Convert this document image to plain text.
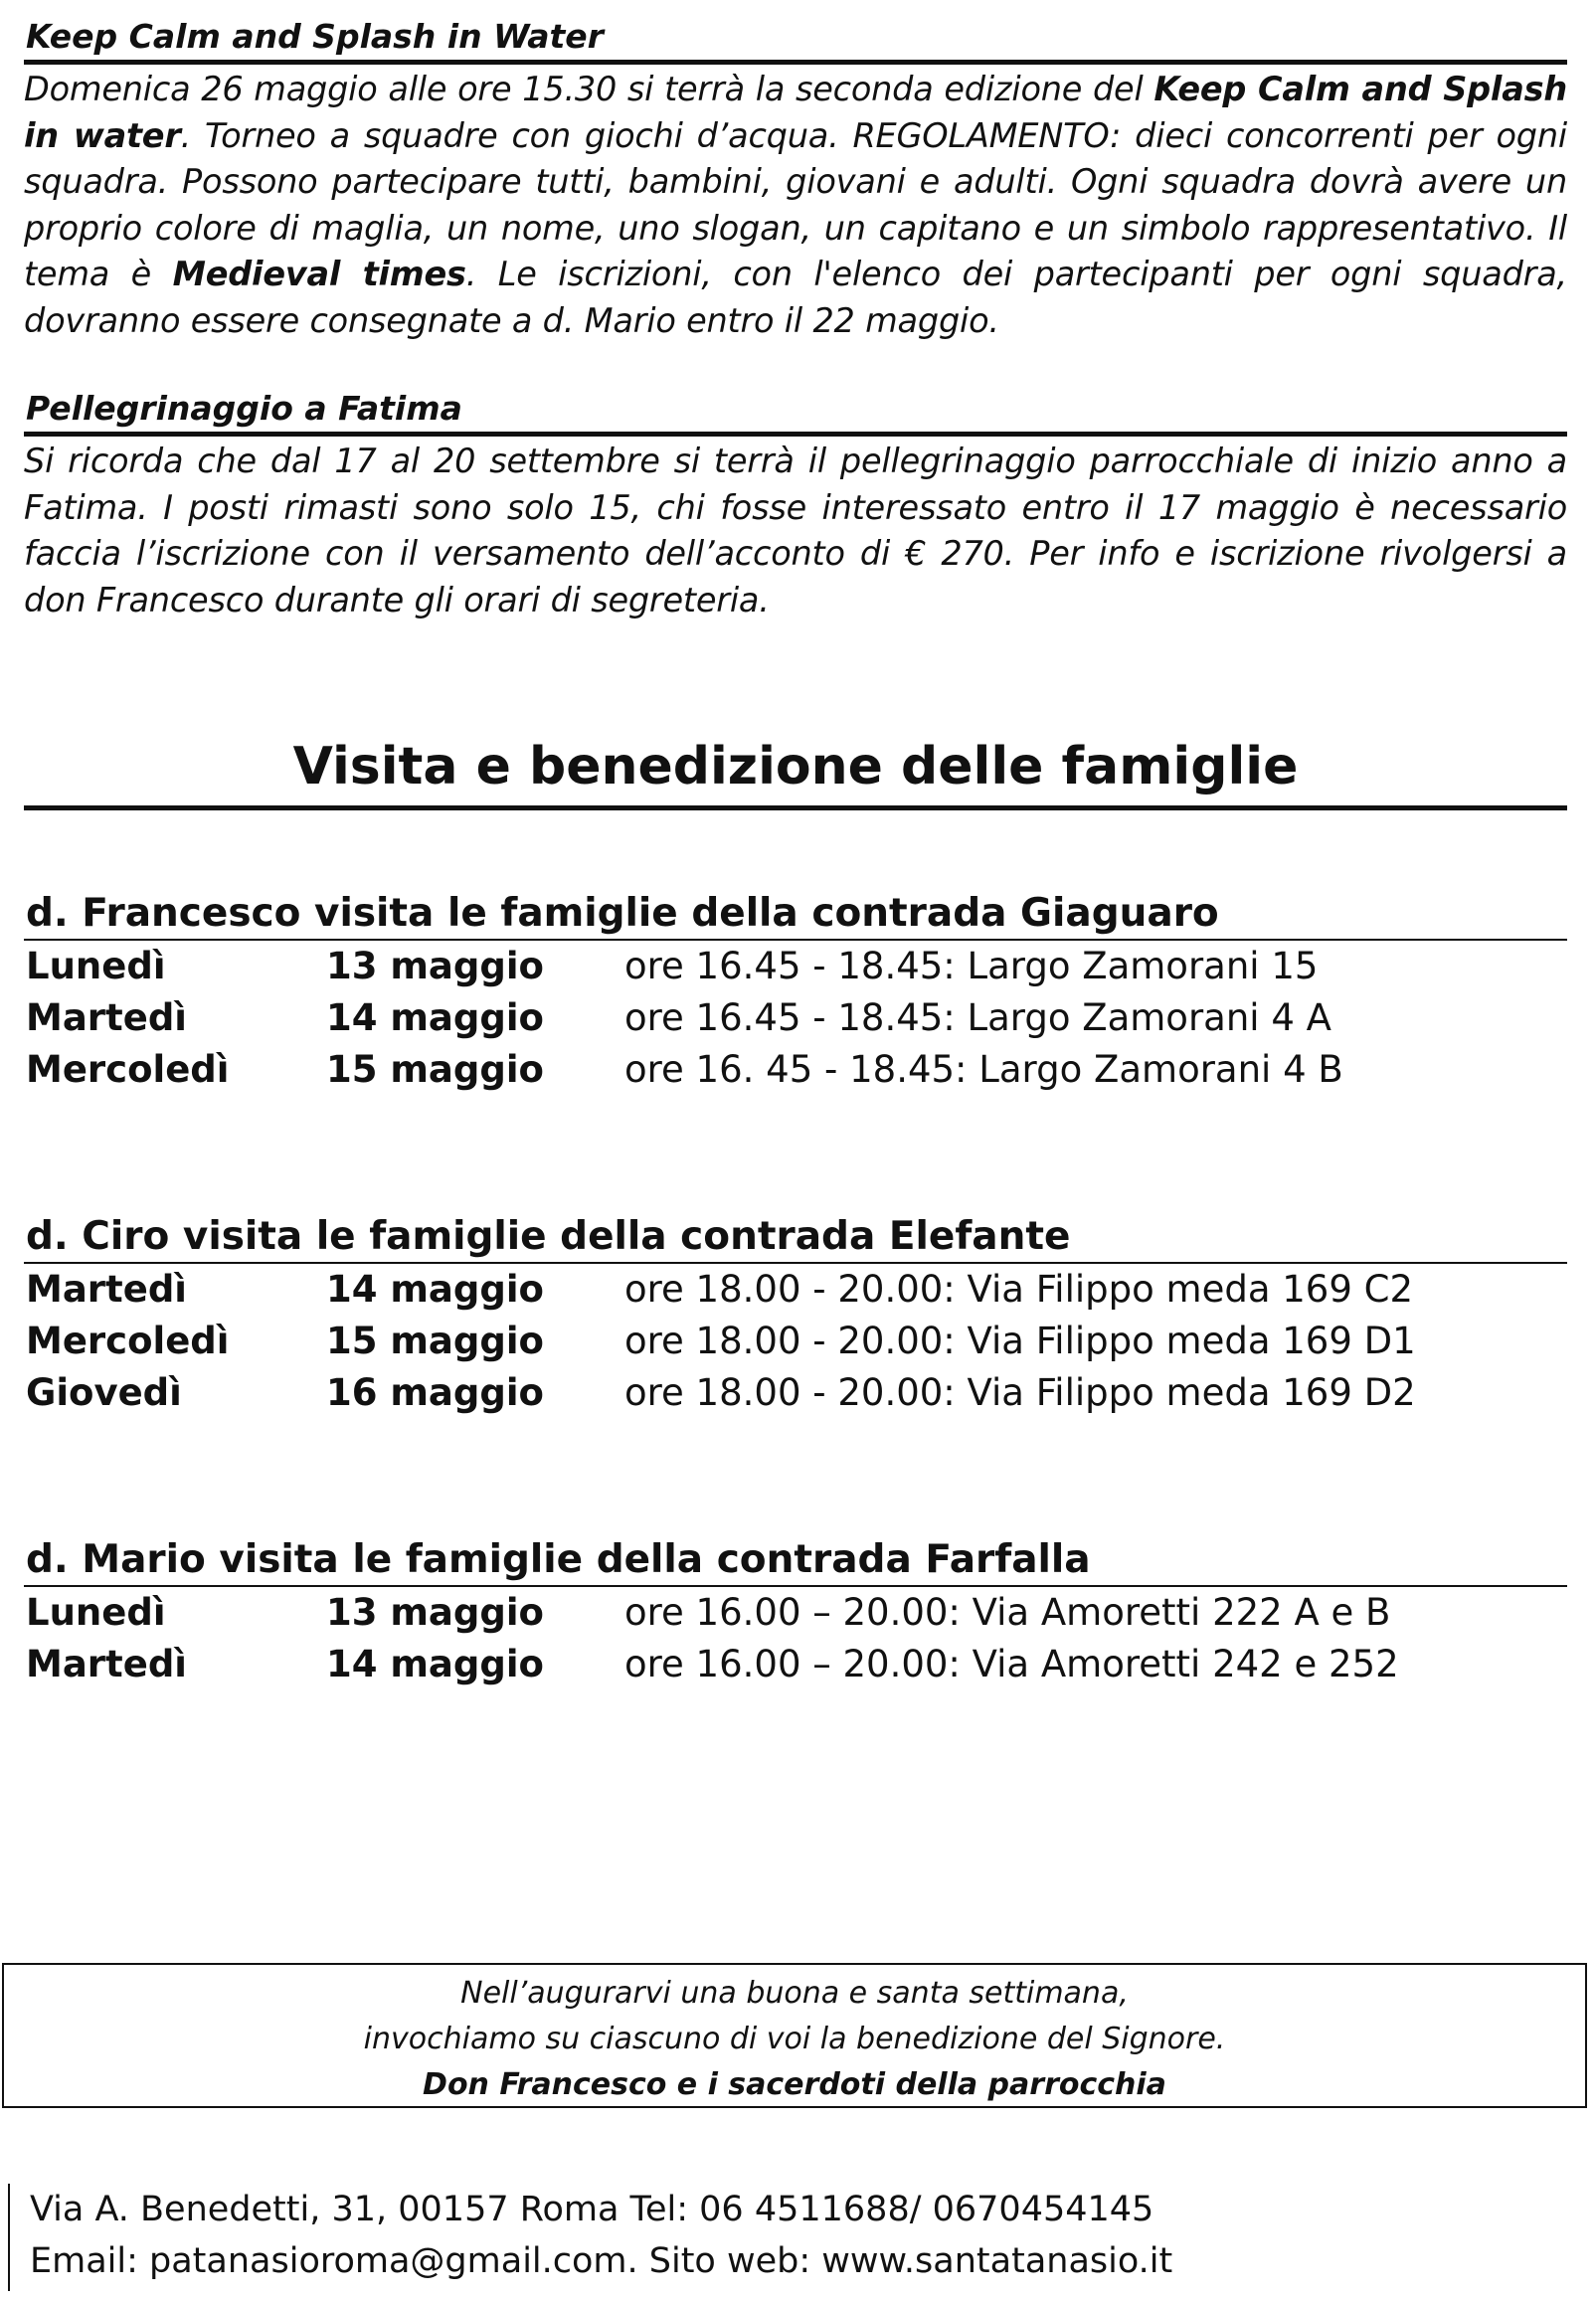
Keep Calm and Splash in Water
Domenica 26 maggio alle ore 15.30 si terrà la seconda edizione del Keep Calm and Splash in water. Torneo a squadre con giochi d’acqua. REGOLAMENTO: dieci concorrenti per ogni squadra. Possono partecipare tutti, bambini, giovani e adulti. Ogni squadra dovrà avere un proprio colore di maglia, un nome, uno slogan, un capitano e un simbolo rappresentativo. Il tema è Medieval times. Le iscrizioni, con l'elenco dei partecipanti per ogni squadra, dovranno essere consegnate a d. Mario entro il 22 maggio.
Pellegrinaggio a Fatima
Si ricorda che dal 17 al 20 settembre si terrà il pellegrinaggio parrocchiale di inizio anno a Fatima. I posti rimasti sono solo 15, chi fosse interessato entro il 17 maggio è necessario faccia l’iscrizione con il versamento dell’acconto di € 270. Per info e iscrizione rivolgersi a don Francesco durante gli orari di segreteria.
Visita e benedizione delle famiglie
d. Francesco visita le famiglie della contrada Giaguaro
Lunedì	13 maggio	ore 16.45 - 18.45: Largo Zamorani 15
Martedì	14 maggio	ore 16.45 - 18.45: Largo Zamorani 4 A
Mercoledì	15 maggio	ore 16. 45 - 18.45: Largo Zamorani 4 B
d. Ciro visita le famiglie della contrada Elefante
Martedì	14 maggio	ore 18.00 - 20.00: Via Filippo meda 169 C2
Mercoledì	15 maggio	ore 18.00 - 20.00: Via Filippo meda 169 D1
Giovedì	16 maggio	ore 18.00 - 20.00: Via Filippo meda 169 D2
d. Mario visita le famiglie della contrada Farfalla
Lunedì	13 maggio	ore 16.00 – 20.00: Via Amoretti 222 A e B
Martedì	14 maggio	ore 16.00 – 20.00: Via Amoretti 242 e 252
Nell’augurarvi una buona e santa settimana,
invochiamo su ciascuno di voi la benedizione del Signore.
Don Francesco e i sacerdoti della parrocchia
Via A. Benedetti, 31, 00157 Roma Tel: 06 4511688/ 0670454145
Email: patanasioroma@gmail.com. Sito web: www.santatanasio.it
